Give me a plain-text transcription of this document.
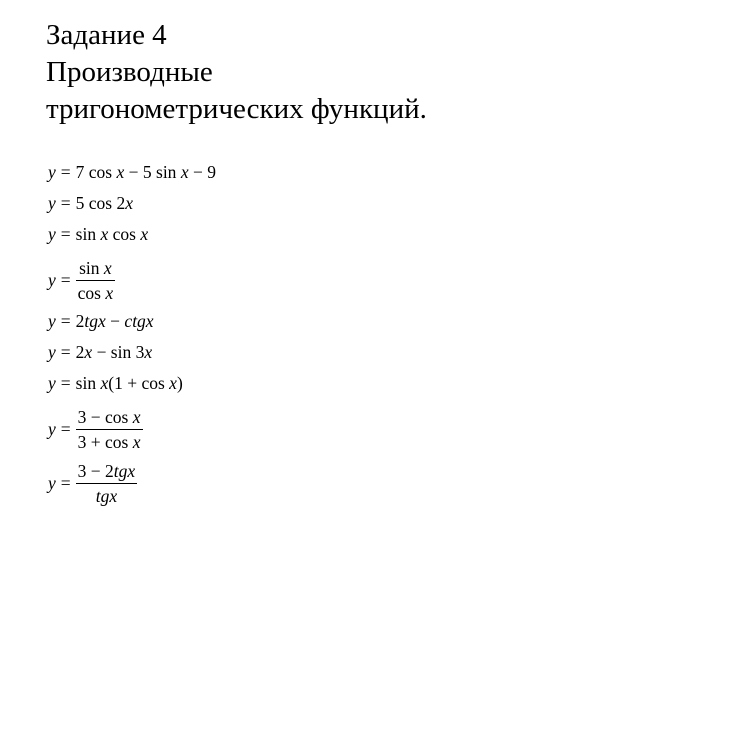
Задание 4
Производные
тригонометрических функций.
y = 7 cos x − 5 sin x − 9
y = 5 cos 2x
y = sin x cos x
$y = \frac{\text{sin x}}{\text{cos x}}$
y = 2tgx − ctgx
y = 2x − sin 3x
y = sin x(1 + cos x)
$y = \frac{\text{3 − cos x}}{\text{3 + cos x}}$
$y = \frac{\text{3 − 2tgx}}{\text{tgx}}$
